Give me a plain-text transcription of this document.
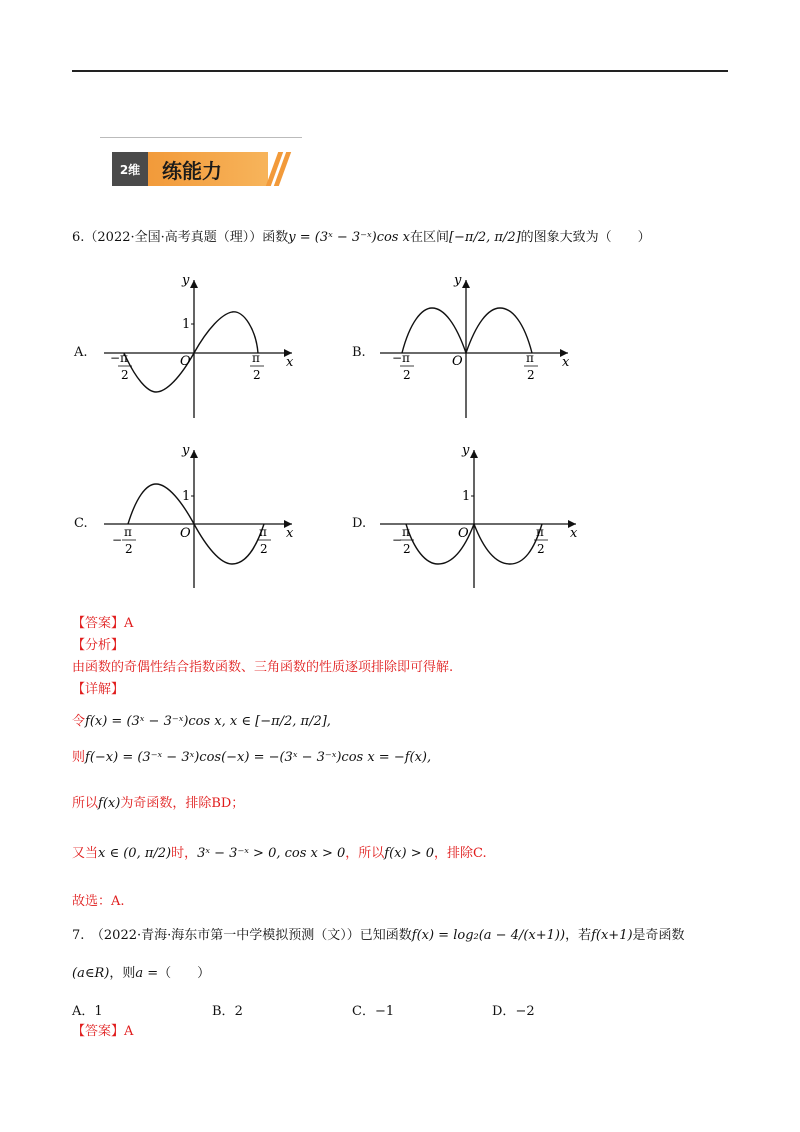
2维	练能力
6.（2022·全国·高考真题（理））函数y = (3ˣ − 3⁻ˣ)cos x在区间[−π/2, π/2]的图象大致为（　　）
A.	B.
C.	D.
y
x
O
1
− π
2
π
2
y
x
O
− π
2
π
2
y
x
O
1
−
π
2
π
2
y
x
O
1
−
π
2
π
2
【答案】A
【分析】
由函数的奇偶性结合指数函数、三角函数的性质逐项排除即可得解.
【详解】
令f(x) = (3ˣ − 3⁻ˣ)cos x, x ∈ [−π/2, π/2],
则f(−x) = (3⁻ˣ − 3ˣ)cos(−x) = −(3ˣ − 3⁻ˣ)cos x = −f(x),
所以f(x)为奇函数，排除BD；
又当x ∈ (0, π/2)时，3ˣ − 3⁻ˣ > 0, cos x > 0，所以f(x) > 0，排除C.
故选：A.
7.　（2022·青海·海东市第一中学模拟预测（文））已知函数f(x) = log₂(a − 4/(x+1))，若f(x+1)是奇函数
(a∈R)，则a =（　　）
A．1	B．2	C．−1	D．−2
【答案】A
